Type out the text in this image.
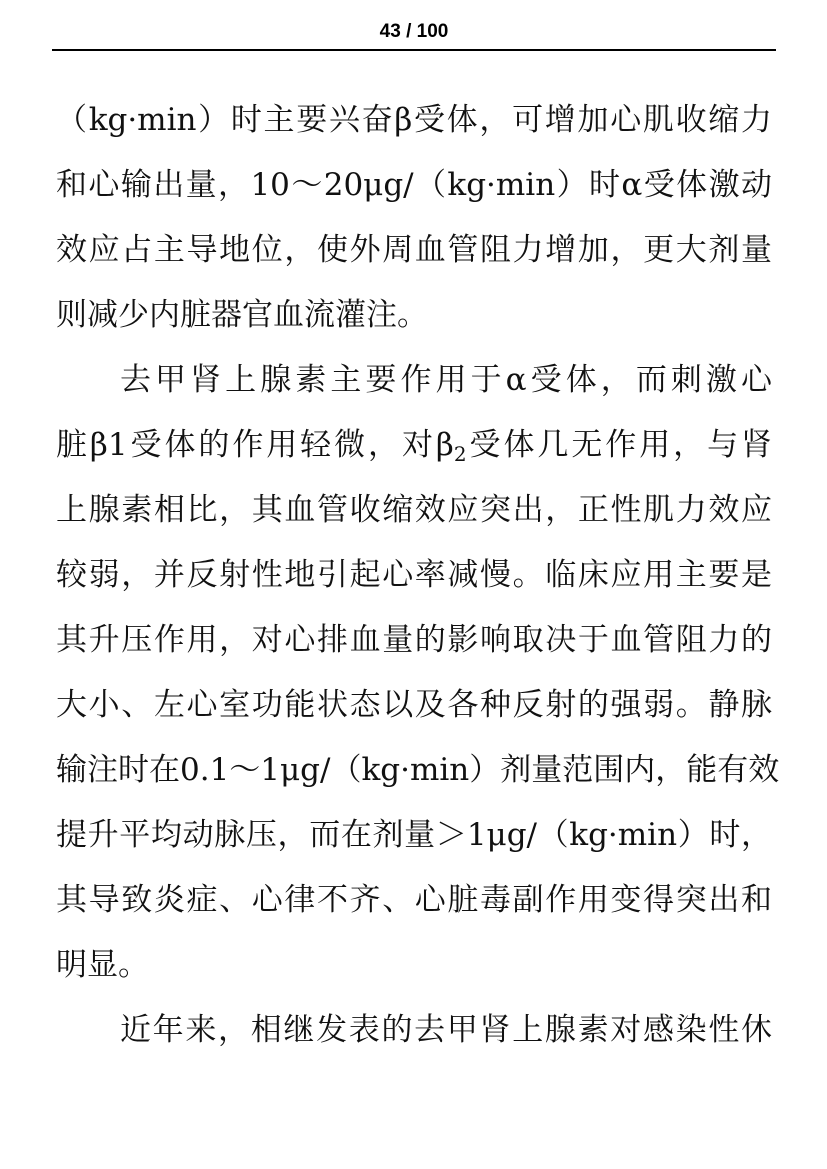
43 / 100
（kg·min）时主要兴奋β受体，可增加心肌收缩力
和心输出量，10～20μg/（kg·min）时α受体激动
效应占主导地位，使外周血管阻力增加，更大剂量
则减少内脏器官血流灌注。
去甲肾上腺素主要作用于α受体，而刺激心
脏β1受体的作用轻微，对$\beta_2$受体几无作用，与肾
上腺素相比，其血管收缩效应突出，正性肌力效应
较弱，并反射性地引起心率减慢。临床应用主要是
其升压作用，对心排血量的影响取决于血管阻力的
大小、左心室功能状态以及各种反射的强弱。静脉
输注时在0.1～1μg/（kg·min）剂量范围内，能有效
提升平均动脉压，而在剂量＞1μg/（kg·min）时，
其导致炎症、心律不齐、心脏毒副作用变得突出和
明显。
近年来，相继发表的去甲肾上腺素对感染性休
